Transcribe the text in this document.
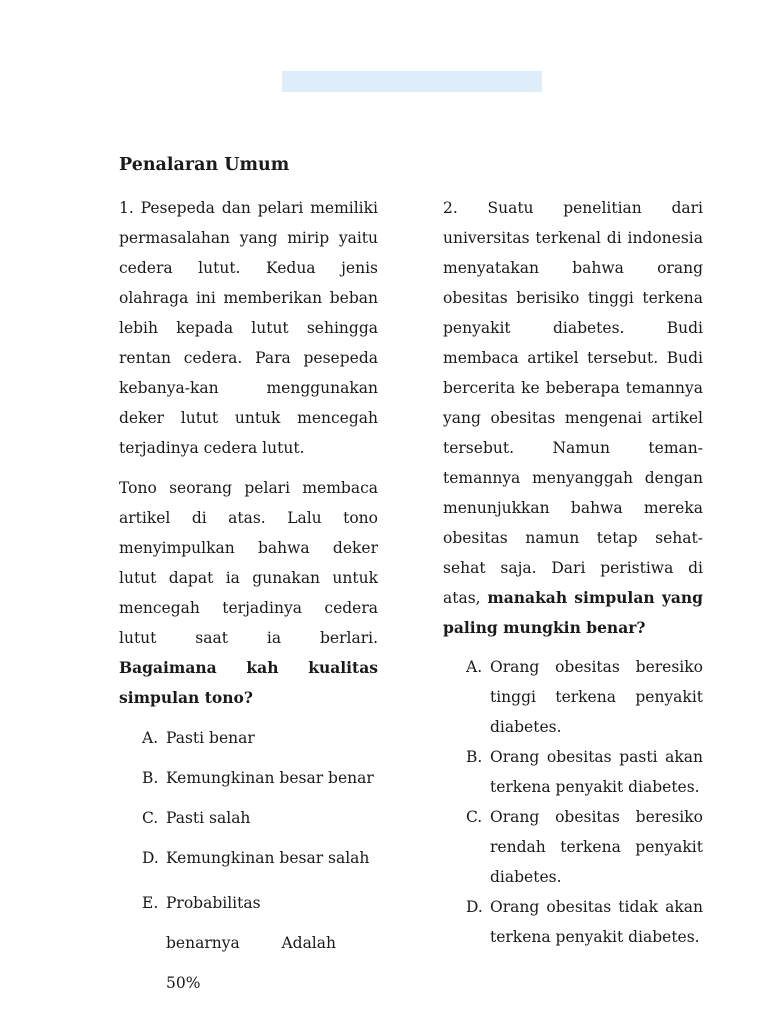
Penalaran Umum

1. Pesepeda dan pelari memiliki permasalahan yang mirip yaitu cedera lutut. Kedua jenis olahraga ini memberikan beban lebih kepada lutut sehingga rentan cedera. Para pesepeda kebanya-kan menggunakan deker lutut untuk mencegah terjadinya cedera lutut.

Tono seorang pelari membaca artikel di atas. Lalu tono menyimpulkan bahwa deker lutut dapat ia gunakan untuk mencegah terjadinya cedera lutut saat ia berlari. Bagaimana kah kualitas simpulan tono?

A. Pasti benar
B. Kemungkinan besar benar
C. Pasti salah
D. Kemungkinan besar salah
E. Probabilitas benarnya Adalah 50%

2. Suatu penelitian dari universitas terkenal di indonesia menyatakan bahwa orang obesitas berisiko tinggi terkena penyakit diabetes. Budi membaca artikel tersebut. Budi bercerita ke beberapa temannya yang obesitas mengenai artikel tersebut. Namun teman-temannya menyanggah dengan menunjukkan bahwa mereka obesitas namun tetap sehat-sehat saja. Dari peristiwa di atas, manakah simpulan yang paling mungkin benar?

A. Orang obesitas beresiko tinggi terkena penyakit diabetes.
B. Orang obesitas pasti akan terkena penyakit diabetes.
C. Orang obesitas beresiko rendah terkena penyakit diabetes.
D. Orang obesitas tidak akan terkena penyakit diabetes.
